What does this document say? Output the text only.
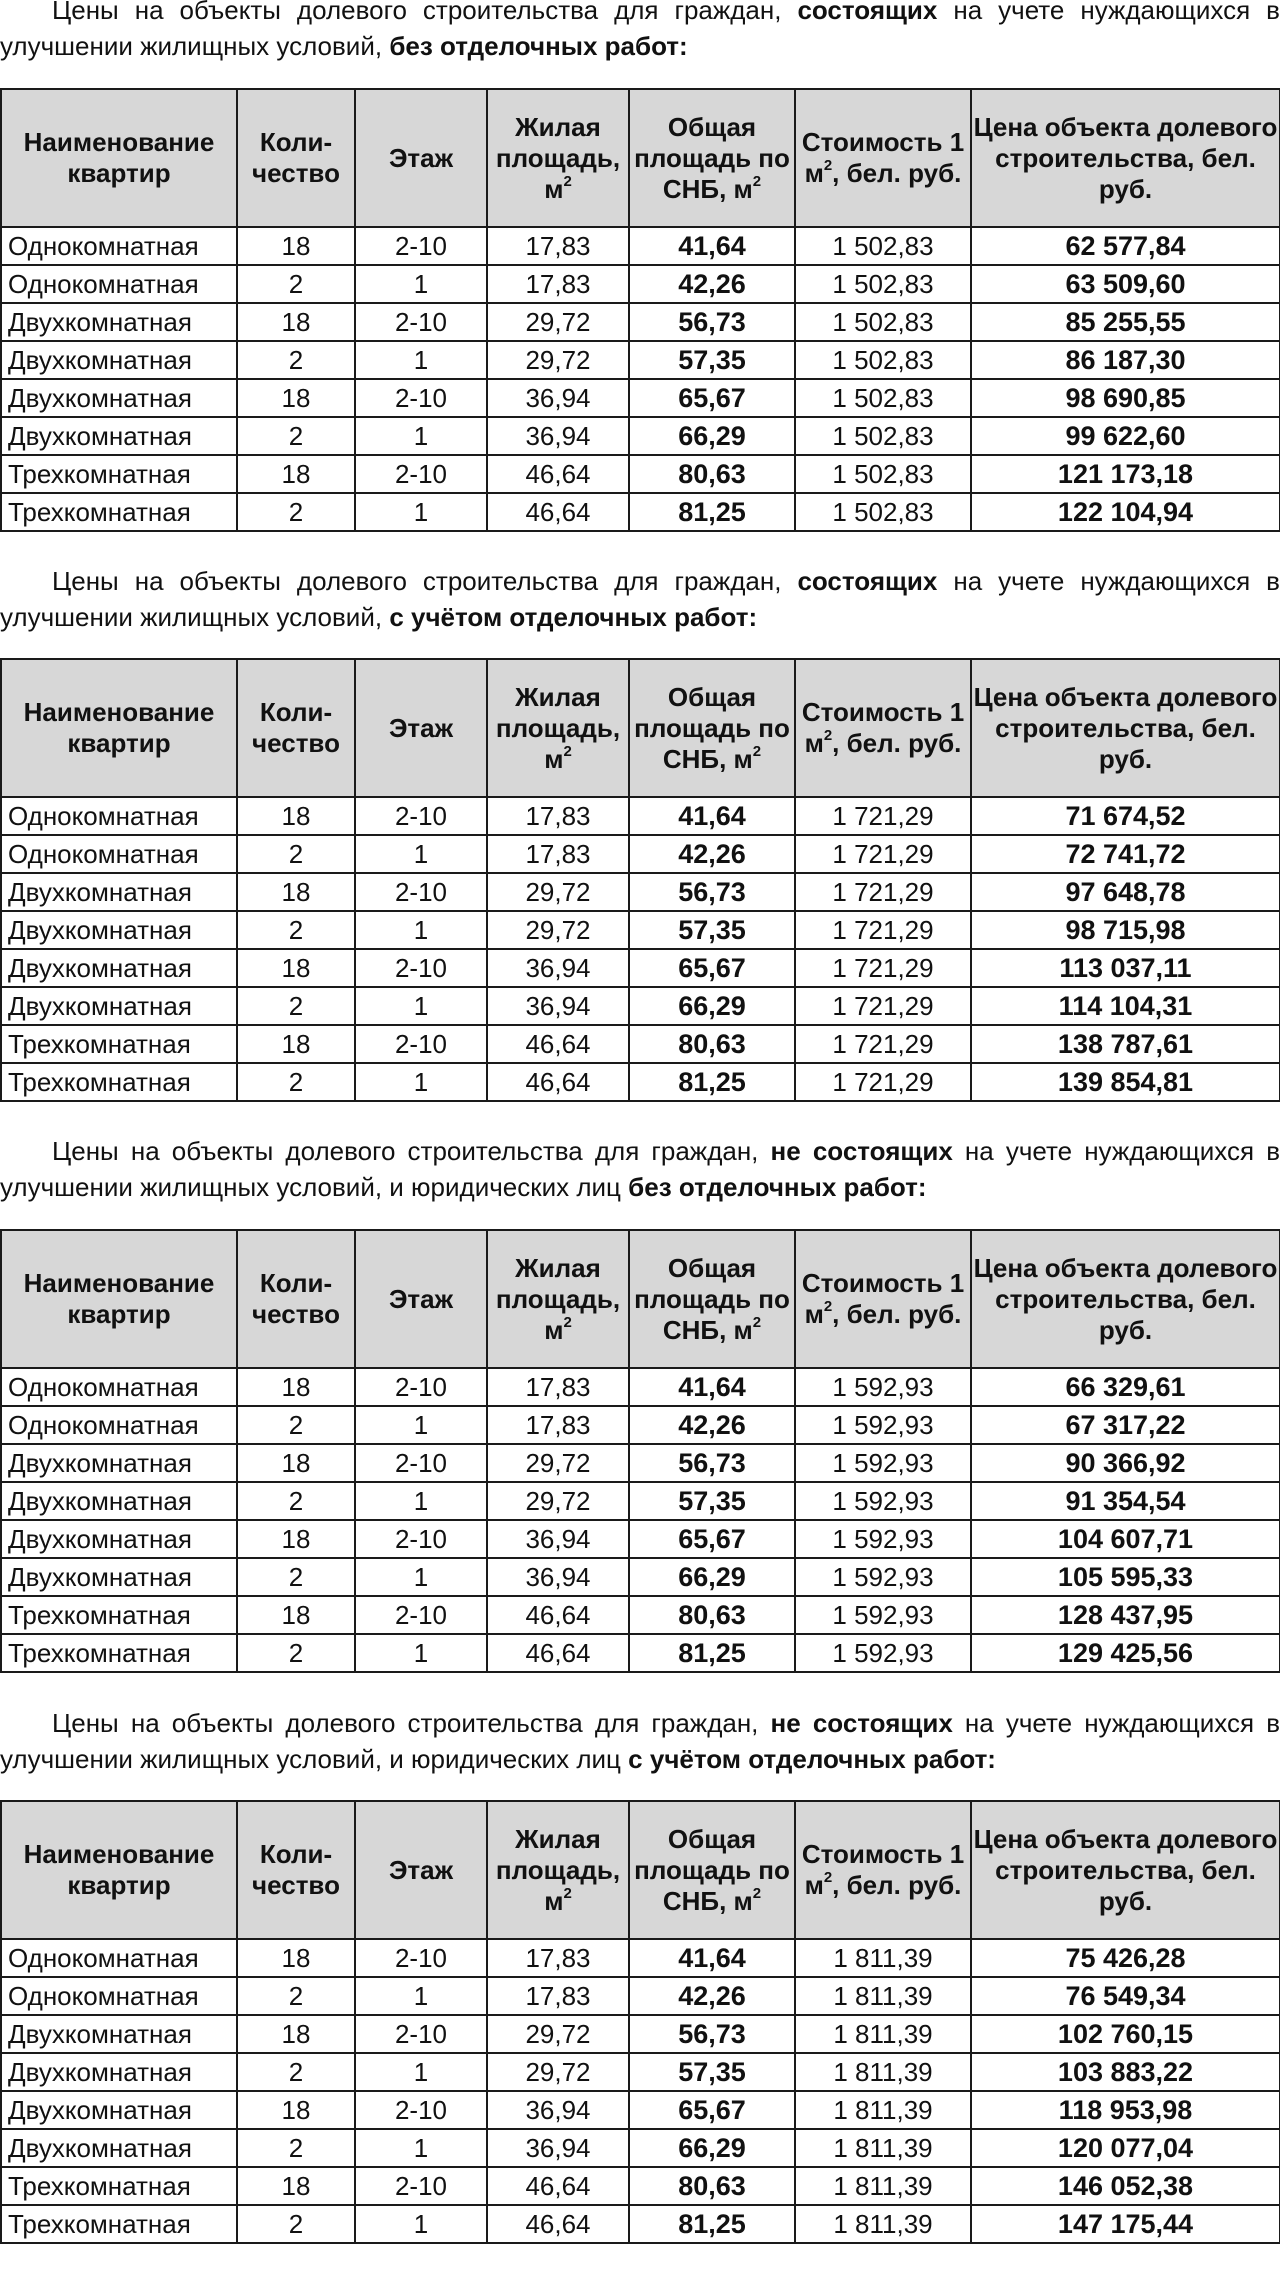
Цены на объекты долевого строительства для граждан, состоящих на учете нуждающихся в улучшении жилищных условий, без отделочных работ:

Наименование квартир	Коли-чество	Этаж	Жилая площадь, $м^2$	Общая площадь по СНБ, $м^2$	Стоимость 1 $м^2$, бел. руб.	Цена объекта долевого строительства, бел. руб.
Однокомнатная	18	2-10	17,83	41,64	1 502,83	62 577,84
Однокомнатная	2	1	17,83	42,26	1 502,83	63 509,60
Двухкомнатная	18	2-10	29,72	56,73	1 502,83	85 255,55
Двухкомнатная	2	1	29,72	57,35	1 502,83	86 187,30
Двухкомнатная	18	2-10	36,94	65,67	1 502,83	98 690,85
Двухкомнатная	2	1	36,94	66,29	1 502,83	99 622,60
Трехкомнатная	18	2-10	46,64	80,63	1 502,83	121 173,18
Трехкомнатная	2	1	46,64	81,25	1 502,83	122 104,94

Цены на объекты долевого строительства для граждан, состоящих на учете нуждающихся в улучшении жилищных условий, с учётом отделочных работ:

Наименование квартир	Коли-чество	Этаж	Жилая площадь, $м^2$	Общая площадь по СНБ, $м^2$	Стоимость 1 $м^2$, бел. руб.	Цена объекта долевого строительства, бел. руб.
Однокомнатная	18	2-10	17,83	41,64	1 721,29	71 674,52
Однокомнатная	2	1	17,83	42,26	1 721,29	72 741,72
Двухкомнатная	18	2-10	29,72	56,73	1 721,29	97 648,78
Двухкомнатная	2	1	29,72	57,35	1 721,29	98 715,98
Двухкомнатная	18	2-10	36,94	65,67	1 721,29	113 037,11
Двухкомнатная	2	1	36,94	66,29	1 721,29	114 104,31
Трехкомнатная	18	2-10	46,64	80,63	1 721,29	138 787,61
Трехкомнатная	2	1	46,64	81,25	1 721,29	139 854,81

Цены на объекты долевого строительства для граждан, не состоящих на учете нуждающихся в улучшении жилищных условий, и юридических лиц без отделочных работ:

Наименование квартир	Коли-чество	Этаж	Жилая площадь, $м^2$	Общая площадь по СНБ, $м^2$	Стоимость 1 $м^2$, бел. руб.	Цена объекта долевого строительства, бел. руб.
Однокомнатная	18	2-10	17,83	41,64	1 592,93	66 329,61
Однокомнатная	2	1	17,83	42,26	1 592,93	67 317,22
Двухкомнатная	18	2-10	29,72	56,73	1 592,93	90 366,92
Двухкомнатная	2	1	29,72	57,35	1 592,93	91 354,54
Двухкомнатная	18	2-10	36,94	65,67	1 592,93	104 607,71
Двухкомнатная	2	1	36,94	66,29	1 592,93	105 595,33
Трехкомнатная	18	2-10	46,64	80,63	1 592,93	128 437,95
Трехкомнатная	2	1	46,64	81,25	1 592,93	129 425,56

Цены на объекты долевого строительства для граждан, не состоящих на учете нуждающихся в улучшении жилищных условий, и юридических лиц с учётом отделочных работ:

Наименование квартир	Коли-чество	Этаж	Жилая площадь, $м^2$	Общая площадь по СНБ, $м^2$	Стоимость 1 $м^2$, бел. руб.	Цена объекта долевого строительства, бел. руб.
Однокомнатная	18	2-10	17,83	41,64	1 811,39	75 426,28
Однокомнатная	2	1	17,83	42,26	1 811,39	76 549,34
Двухкомнатная	18	2-10	29,72	56,73	1 811,39	102 760,15
Двухкомнатная	2	1	29,72	57,35	1 811,39	103 883,22
Двухкомнатная	18	2-10	36,94	65,67	1 811,39	118 953,98
Двухкомнатная	2	1	36,94	66,29	1 811,39	120 077,04
Трехкомнатная	18	2-10	46,64	80,63	1 811,39	146 052,38
Трехкомнатная	2	1	46,64	81,25	1 811,39	147 175,44
